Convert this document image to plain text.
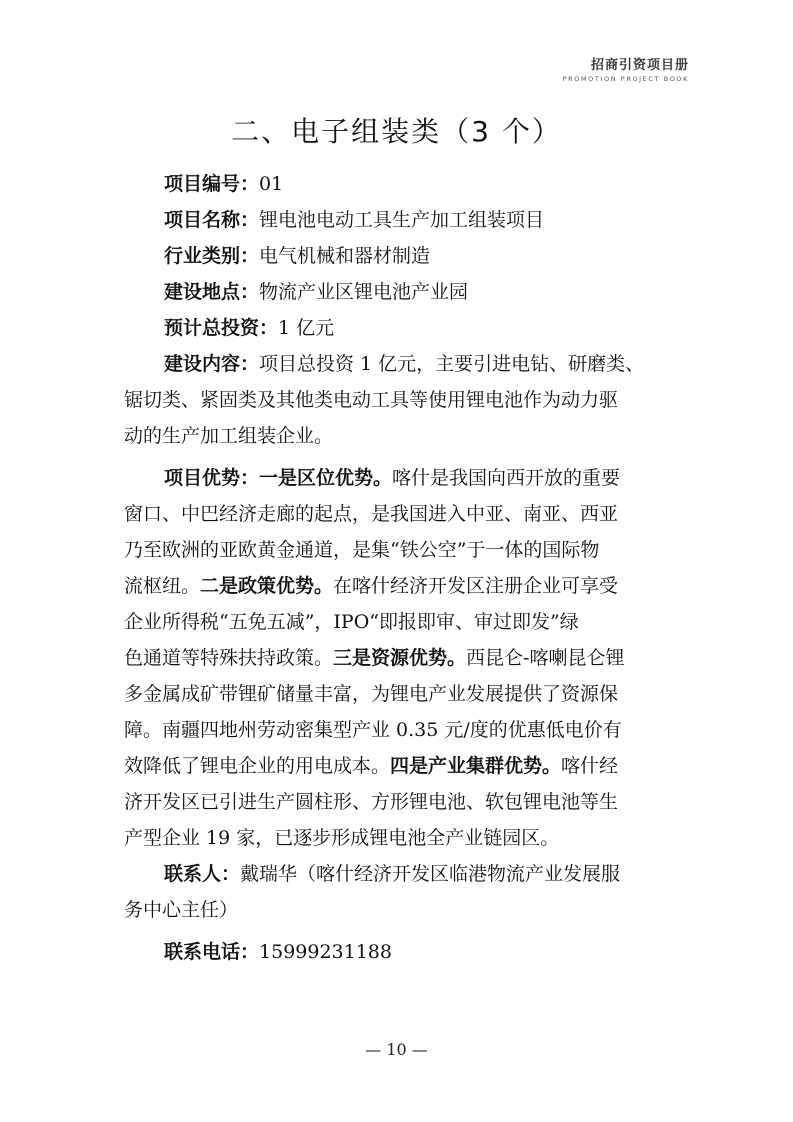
招商引资项目册
PROMOTION PROJECT BOOK
二、电子组装类（3 个）
项目编号：01
项目名称：锂电池电动工具生产加工组装项目
行业类别：电气机械和器材制造
建设地点：物流产业区锂电池产业园
预计总投资：1 亿元
建设内容：项目总投资 1 亿元，主要引进电钻、研磨类、
锯切类、紧固类及其他类电动工具等使用锂电池作为动力驱
动的生产加工组装企业。
项目优势：一是区位优势。喀什是我国向西开放的重要
窗口、中巴经济走廊的起点，是我国进入中亚、南亚、西亚
乃至欧洲的亚欧黄金通道，是集“铁公空”于一体的国际物
流枢纽。二是政策优势。在喀什经济开发区注册企业可享受
企业所得税“五免五减”，IPO“即报即审、审过即发”绿
色通道等特殊扶持政策。三是资源优势。西昆仑-喀喇昆仑锂
多金属成矿带锂矿储量丰富，为锂电产业发展提供了资源保
障。南疆四地州劳动密集型产业 0.35 元/度的优惠低电价有
效降低了锂电企业的用电成本。四是产业集群优势。喀什经
济开发区已引进生产圆柱形、方形锂电池、软包锂电池等生
产型企业 19 家，已逐步形成锂电池全产业链园区。
联系人：戴瑞华（喀什经济开发区临港物流产业发展服
务中心主任）
联系电话：15999231188
— 10 —
